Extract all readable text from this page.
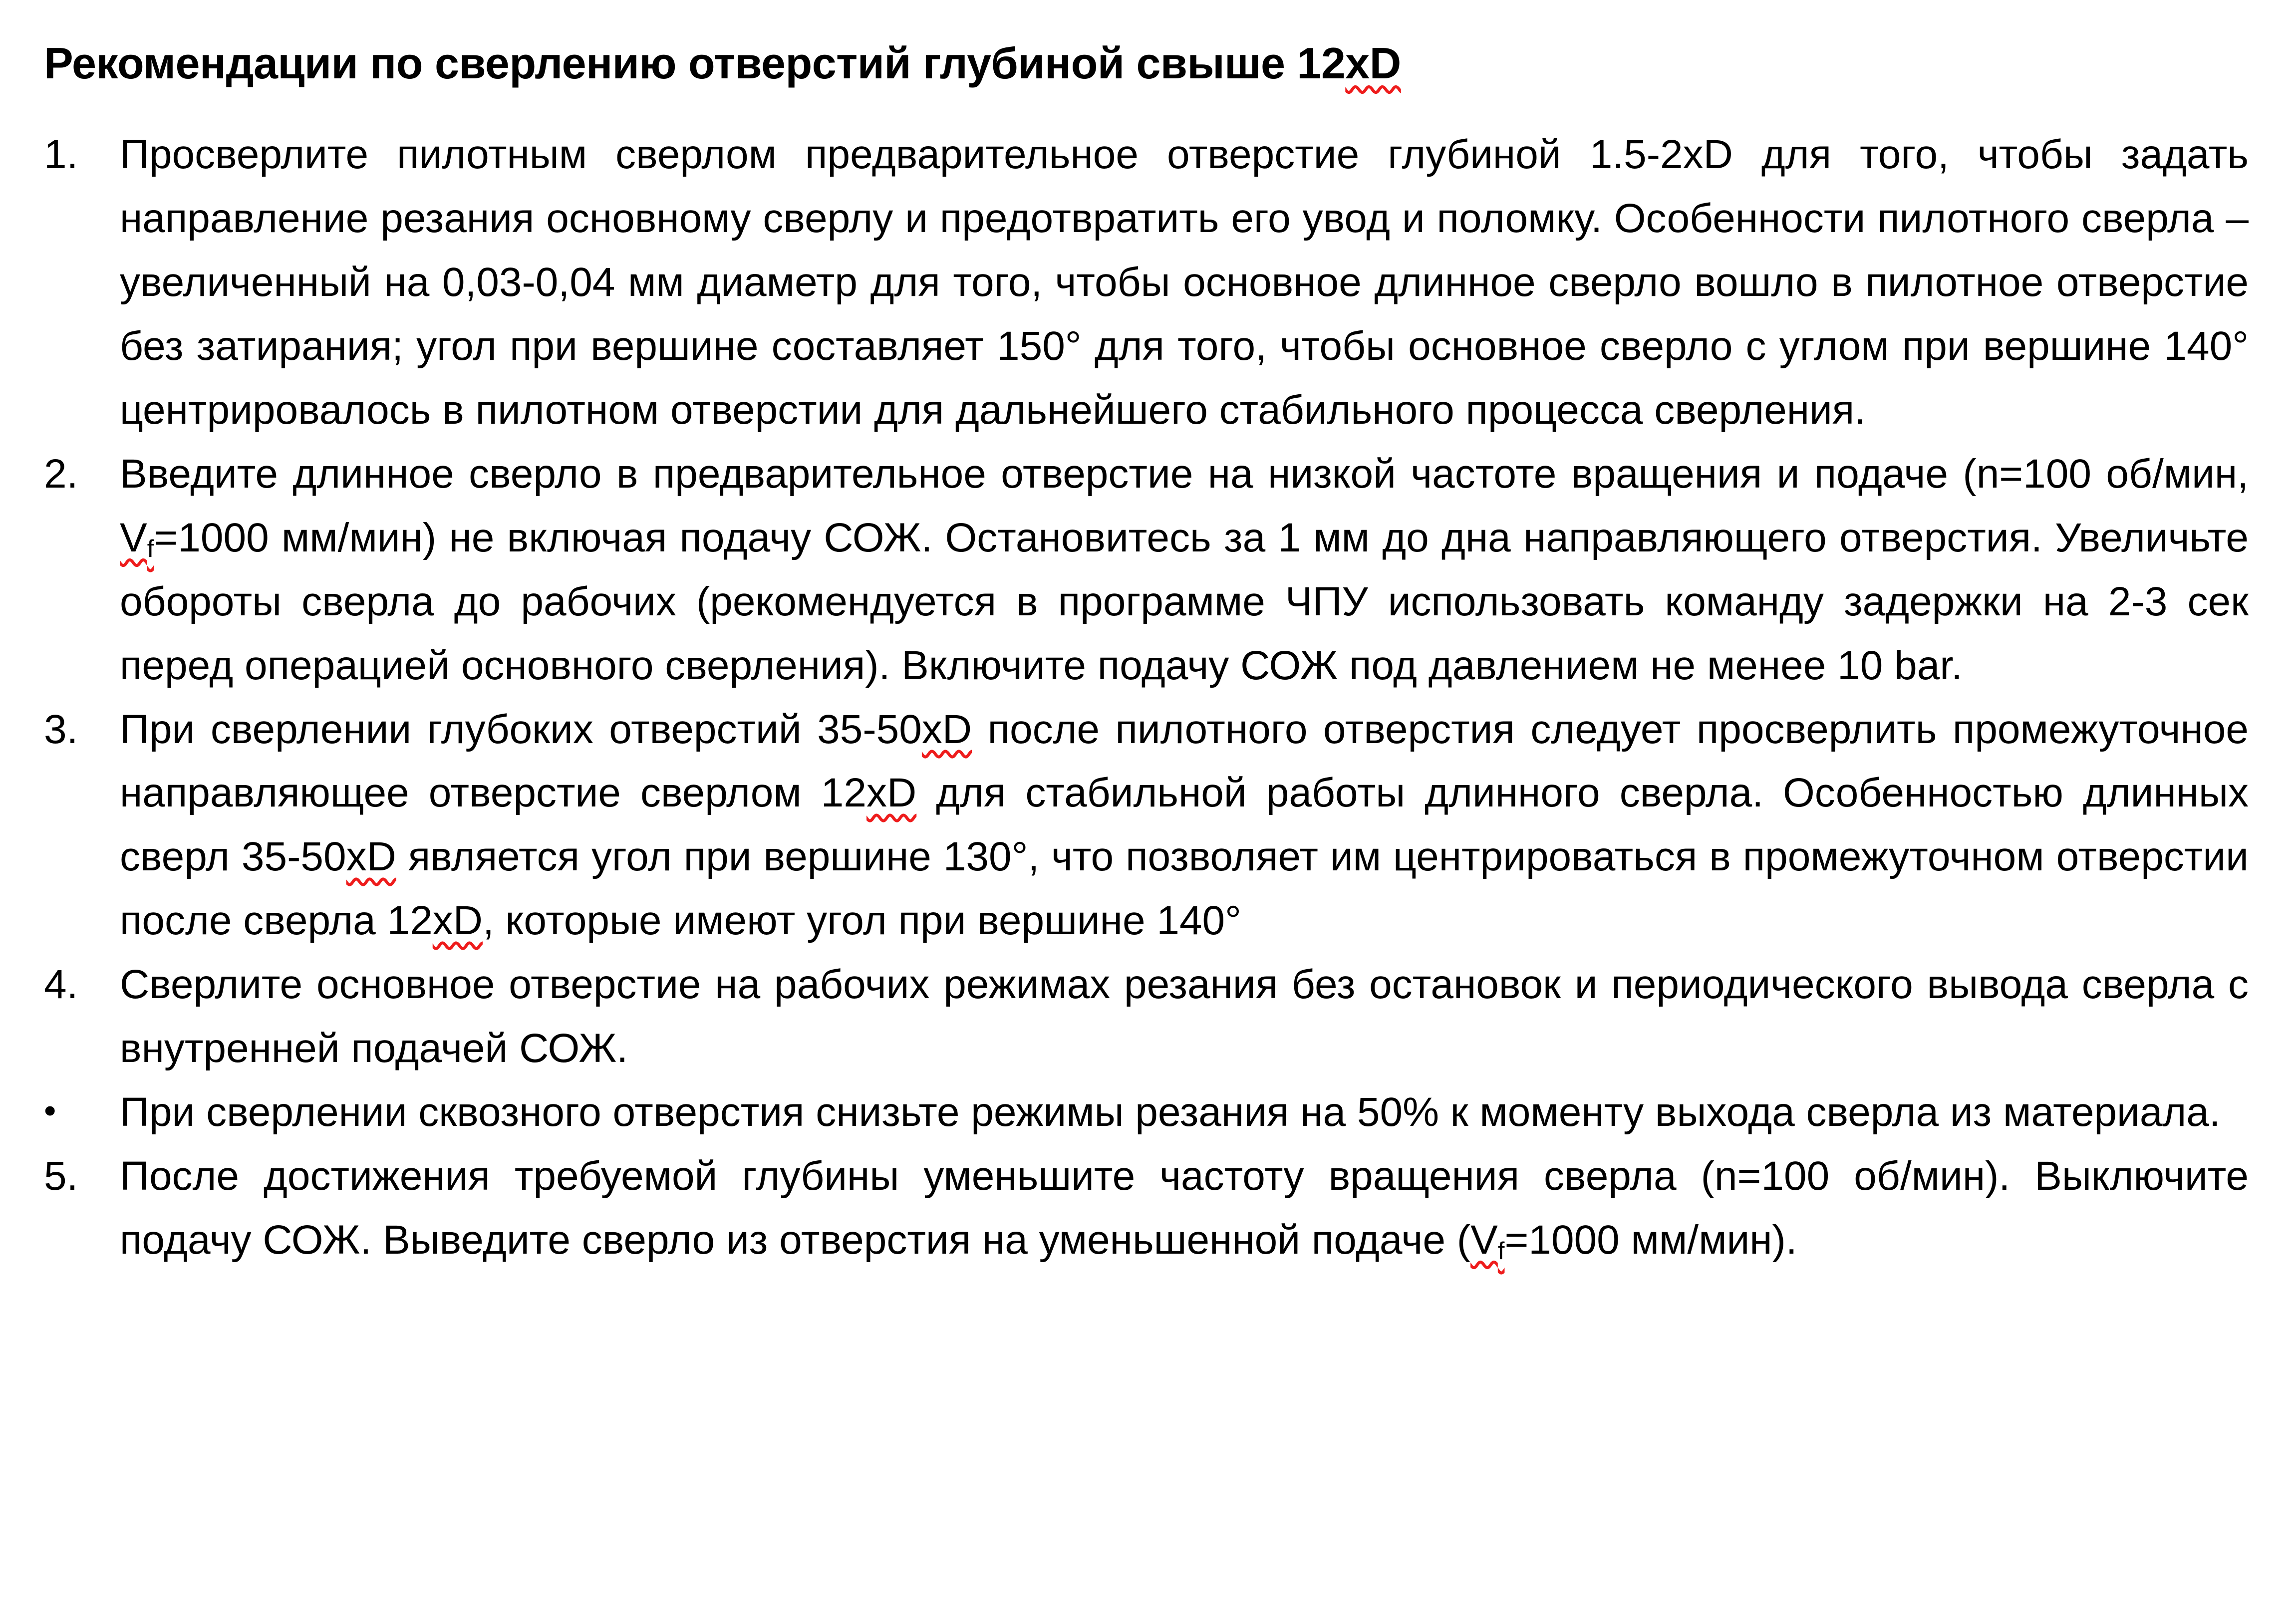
Рекомендации по сверлению отверстий глубиной свыше 12xD
1.	Просверлите пилотным сверлом предварительное отверстие глубиной 1.5-2xD для того, чтобы задать направление резания основному сверлу и предотвратить его увод и поломку. Особенности пилотного сверла – увеличенный на 0,03-0,04 мм диаметр для того, чтобы основное длинное сверло вошло в пилотное отверстие без затирания; угол при вершине составляет 150° для того, чтобы основное сверло с углом при вершине 140° центрировалось в пилотном отверстии для дальнейшего стабильного процесса сверления.
2.	Введите длинное сверло в предварительное отверстие на низкой частоте вращения и подаче (n=100 об/мин, $V_f=1000$ мм/мин) не включая подачу СОЖ. Остановитесь за 1 мм до дна направляющего отверстия. Увеличьте обороты сверла до рабочих (рекомендуется в программе ЧПУ использовать команду задержки на 2-3 сек перед операцией основного сверления). Включите подачу СОЖ под давлением не менее 10 bar.
3.	При сверлении глубоких отверстий 35-50xD после пилотного отверстия следует просверлить промежуточное направляющее отверстие сверлом 12xD для стабильной работы длинного сверла. Особенностью длинных сверл 35-50xD является угол при вершине 130°, что позволяет им центрироваться в промежуточном отверстии после сверла 12xD, которые имеют угол при вершине 140°
4.	Сверлите основное отверстие на рабочих режимах резания без остановок и периодического вывода сверла с внутренней подачей СОЖ.
•	При сверлении сквозного отверстия снизьте режимы резания на 50% к моменту выхода сверла из материала.
5.	После достижения требуемой глубины уменьшите частоту вращения сверла (n=100 об/мин). Выключите подачу СОЖ. Выведите сверло из отверстия на уменьшенной подаче ($V_f=1000$ мм/мин).
